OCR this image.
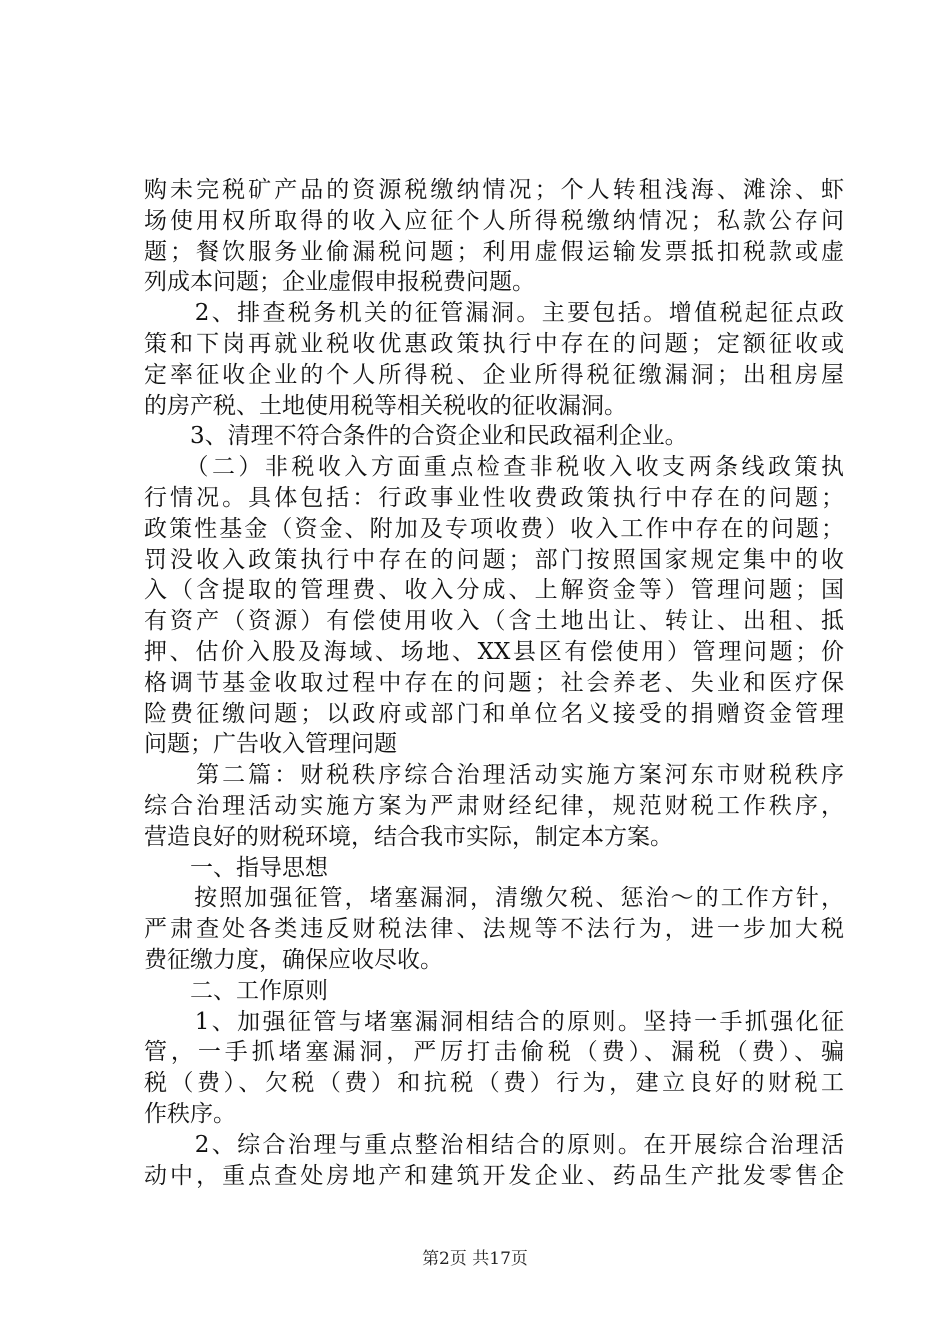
购未完税矿产品的资源税缴纳情况；个人转租浅海、滩涂、虾
场使用权所取得的收入应征个人所得税缴纳情况；私款公存问
题；餐饮服务业偷漏税问题；利用虚假运输发票抵扣税款或虚
列成本问题；企业虚假申报税费问题。
　　2、排查税务机关的征管漏洞。主要包括。增值税起征点政
策和下岗再就业税收优惠政策执行中存在的问题；定额征收或
定率征收企业的个人所得税、企业所得税征缴漏洞；出租房屋
的房产税、土地使用税等相关税收的征收漏洞。
　　3、清理不符合条件的合资企业和民政福利企业。
　　（二）非税收入方面重点检查非税收入收支两条线政策执
行情况。具体包括：行政事业性收费政策执行中存在的问题；
政策性基金（资金、附加及专项收费）收入工作中存在的问题；
罚没收入政策执行中存在的问题；部门按照国家规定集中的收
入（含提取的管理费、收入分成、上解资金等）管理问题；国
有资产（资源）有偿使用收入（含土地出让、转让、出租、抵
押、估价入股及海域、场地、XX县区有偿使用）管理问题；价
格调节基金收取过程中存在的问题；社会养老、失业和医疗保
险费征缴问题；以政府或部门和单位名义接受的捐赠资金管理
问题；广告收入管理问题
　　第二篇：财税秩序综合治理活动实施方案河东市财税秩序
综合治理活动实施方案为严肃财经纪律，规范财税工作秩序，
营造良好的财税环境，结合我市实际，制定本方案。
　　一、指导思想
　　按照加强征管，堵塞漏洞，清缴欠税、惩治～的工作方针，
严肃查处各类违反财税法律、法规等不法行为，进一步加大税
费征缴力度，确保应收尽收。
　　二、工作原则
　　1、加强征管与堵塞漏洞相结合的原则。坚持一手抓强化征
管，一手抓堵塞漏洞，严厉打击偷税（费）、漏税（费）、骗
税（费）、欠税（费）和抗税（费）行为，建立良好的财税工
作秩序。
　　2、综合治理与重点整治相结合的原则。在开展综合治理活
动中，重点查处房地产和建筑开发企业、药品生产批发零售企
第2页 共17页
